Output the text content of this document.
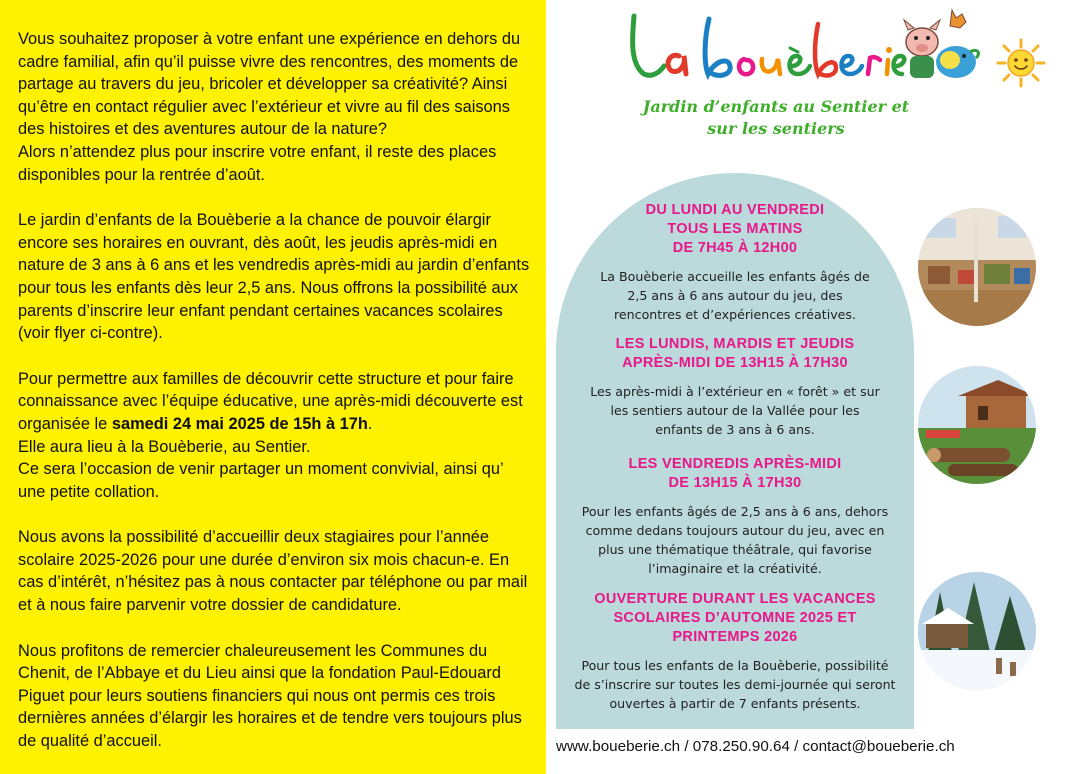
Vous souhaitez proposer à votre enfant une expérience en dehors du cadre familial, afin qu’il puisse vivre des rencontres, des moments de partage au travers du jeu, bricoler et développer sa créativité? Ainsi qu’être en contact régulier avec l’extérieur et vivre au fil des saisons des histoires et des aventures autour de la nature?
Alors n’attendez plus pour inscrire votre enfant, il reste des places disponibles pour la rentrée d’août.

Le jardin d’enfants de la Bouèberie a la chance de pouvoir élargir encore ses horaires en ouvrant, dès août, les jeudis après-midi en nature de 3 ans à 6 ans et les vendredis après-midi au jardin d’enfants pour tous les enfants dès leur 2,5 ans. Nous offrons la possibilité aux parents d’inscrire leur enfant pendant certaines vacances scolaires (voir flyer ci-contre).

Pour permettre aux familles de découvrir cette structure et pour faire connaissance avec l’équipe éducative, une après-midi découverte est organisée le samedi 24 mai 2025 de 15h à 17h.
Elle aura lieu à la Bouèberie, au Sentier.
Ce sera l’occasion de venir partager un moment convivial, ainsi qu’ une petite collation.

Nous avons la possibilité d’accueillir deux stagiaires pour l’année scolaire 2025-2026 pour une durée d’environ six mois chacun-e. En cas d’intérêt, n’hésitez pas à nous contacter par téléphone ou par mail et à nous faire parvenir votre dossier de candidature.

Nous profitons de remercier chaleureusement les Communes du Chenit, de l’Abbaye et du Lieu ainsi que la fondation Paul-Edouard Piguet pour leurs soutiens financiers qui nous ont permis ces trois dernières années d’élargir les horaires et de tendre vers toujours plus de qualité d’accueil.

Jardin d’enfants au Sentier et
sur les sentiers
DU LUNDI AU VENDREDI
TOUS LES MATINS
DE 7H45 À 12H00
La Bouèberie accueille les enfants âgés de
2,5 ans à 6 ans autour du jeu, des
rencontres et d’expériences créatives.
LES LUNDIS, MARDIS ET JEUDIS
APRÈS-MIDI DE 13H15 À 17H30
Les après-midi à l’extérieur en « forêt » et sur
les sentiers autour de la Vallée pour les
enfants de 3 ans à 6 ans.
LES VENDREDIS APRÈS-MIDI
DE 13H15 À 17H30
Pour les enfants âgés de 2,5 ans à 6 ans, dehors
comme dedans toujours autour du jeu, avec en
plus une thématique théâtrale, qui favorise
l’imaginaire et la créativité.
OUVERTURE DURANT LES VACANCES
SCOLAIRES D’AUTOMNE 2025 ET
PRINTEMPS 2026
Pour tous les enfants de la Bouèberie, possibilité
de s’inscrire sur toutes les demi-journée qui seront
ouvertes à partir de 7 enfants présents.
www.boueberie.ch / 078.250.90.64 / contact@boueberie.ch
